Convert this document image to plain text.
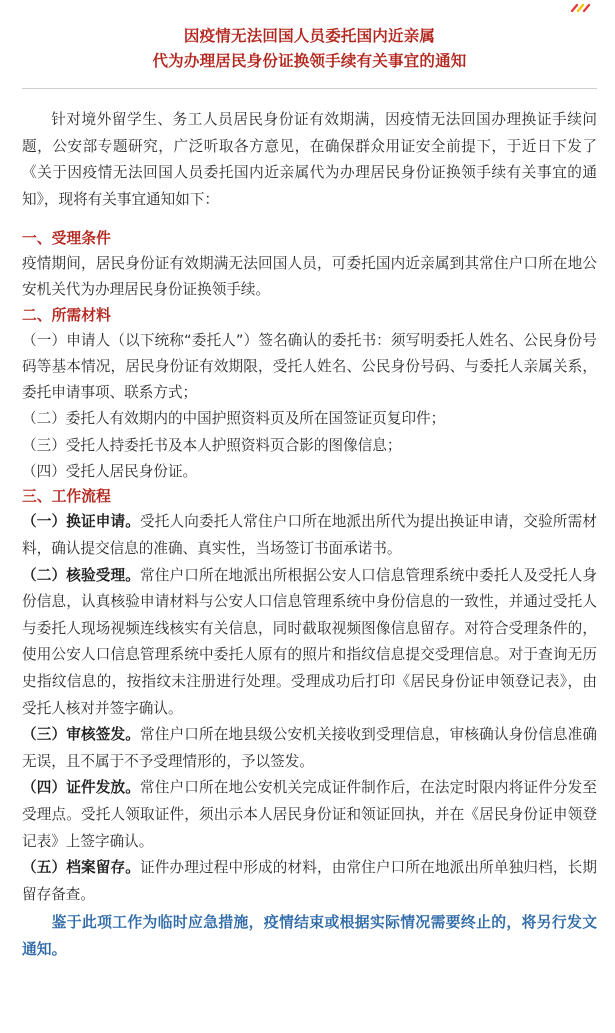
因疫情无法回国人员委托国内近亲属
代为办理居民身份证换领手续有关事宜的通知
针对境外留学生、务工人员居民身份证有效期满，因疫情无法回国办理换证手续问题，公安部专题研究，广泛听取各方意见，在确保群众用证安全前提下，于近日下发了《关于因疫情无法回国人员委托国内近亲属代为办理居民身份证换领手续有关事宜的通知》，现将有关事宜通知如下：
一、受理条件
疫情期间，居民身份证有效期满无法回国人员，可委托国内近亲属到其常住户口所在地公安机关代为办理居民身份证换领手续。
二、所需材料
（一）申请人（以下统称“委托人”）签名确认的委托书：须写明委托人姓名、公民身份号码等基本情况，居民身份证有效期限，受托人姓名、公民身份号码、与委托人亲属关系，委托申请事项、联系方式；
（二）委托人有效期内的中国护照资料页及所在国签证页复印件；
（三）受托人持委托书及本人护照资料页合影的图像信息；
（四）受托人居民身份证。
三、工作流程
（一）换证申请。受托人向委托人常住户口所在地派出所代为提出换证申请，交验所需材料，确认提交信息的准确、真实性，当场签订书面承诺书。
（二）核验受理。常住户口所在地派出所根据公安人口信息管理系统中委托人及受托人身份信息，认真核验申请材料与公安人口信息管理系统中身份信息的一致性，并通过受托人与委托人现场视频连线核实有关信息，同时截取视频图像信息留存。对符合受理条件的，使用公安人口信息管理系统中委托人原有的照片和指纹信息提交受理信息。对于查询无历史指纹信息的，按指纹未注册进行处理。受理成功后打印《居民身份证申领登记表》，由受托人核对并签字确认。
（三）审核签发。常住户口所在地县级公安机关接收到受理信息，审核确认身份信息准确无误，且不属于不予受理情形的，予以签发。
（四）证件发放。常住户口所在地公安机关完成证件制作后，在法定时限内将证件分发至受理点。受托人领取证件，须出示本人居民身份证和领证回执，并在《居民身份证申领登记表》上签字确认。
（五）档案留存。证件办理过程中形成的材料，由常住户口所在地派出所单独归档，长期留存备查。
鉴于此项工作为临时应急措施，疫情结束或根据实际情况需要终止的，将另行发文通知。
